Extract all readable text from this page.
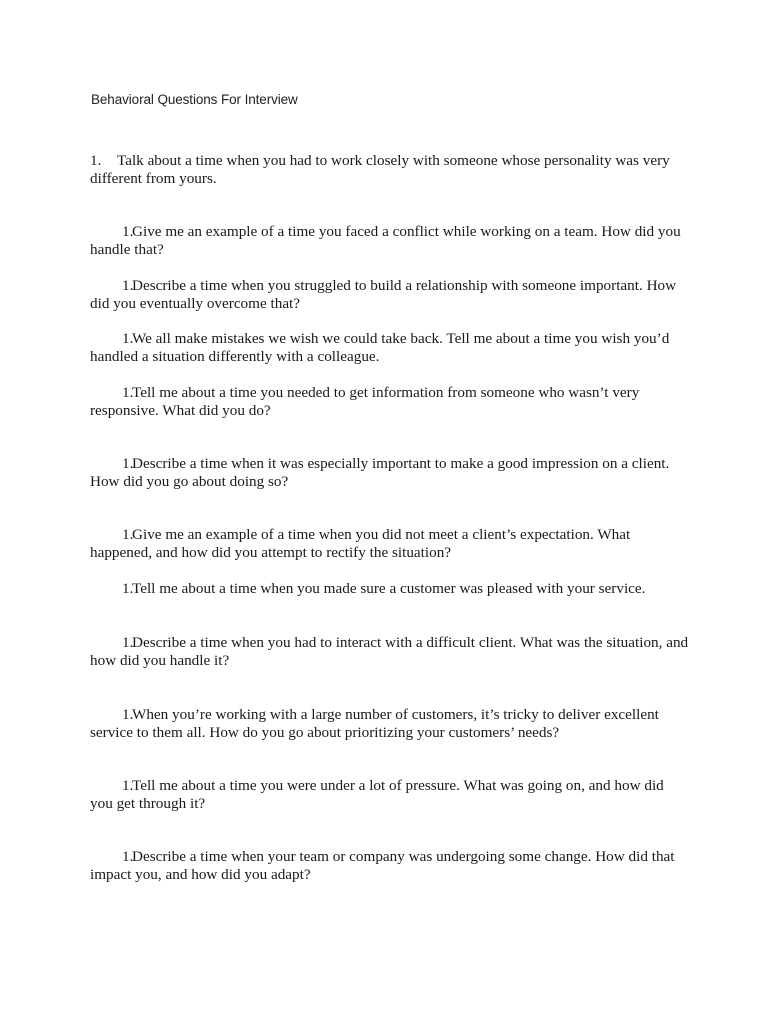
Behavioral Questions For Interview

1. Talk about a time when you had to work closely with someone whose personality was very different from yours.

1.Give me an example of a time you faced a conflict while working on a team. How did you handle that?

1.Describe a time when you struggled to build a relationship with someone important. How did you eventually overcome that?

1.We all make mistakes we wish we could take back. Tell me about a time you wish you’d handled a situation differently with a colleague.

1.Tell me about a time you needed to get information from someone who wasn’t very responsive. What did you do?

1.Describe a time when it was especially important to make a good impression on a client. How did you go about doing so?

1.Give me an example of a time when you did not meet a client’s expectation. What happened, and how did you attempt to rectify the situation?

1.Tell me about a time when you made sure a customer was pleased with your service.

1.Describe a time when you had to interact with a difficult client. What was the situation, and how did you handle it?

1.When you’re working with a large number of customers, it’s tricky to deliver excellent service to them all. How do you go about prioritizing your customers’ needs?

1.Tell me about a time you were under a lot of pressure. What was going on, and how did you get through it?

1.Describe a time when your team or company was undergoing some change. How did that impact you, and how did you adapt?
